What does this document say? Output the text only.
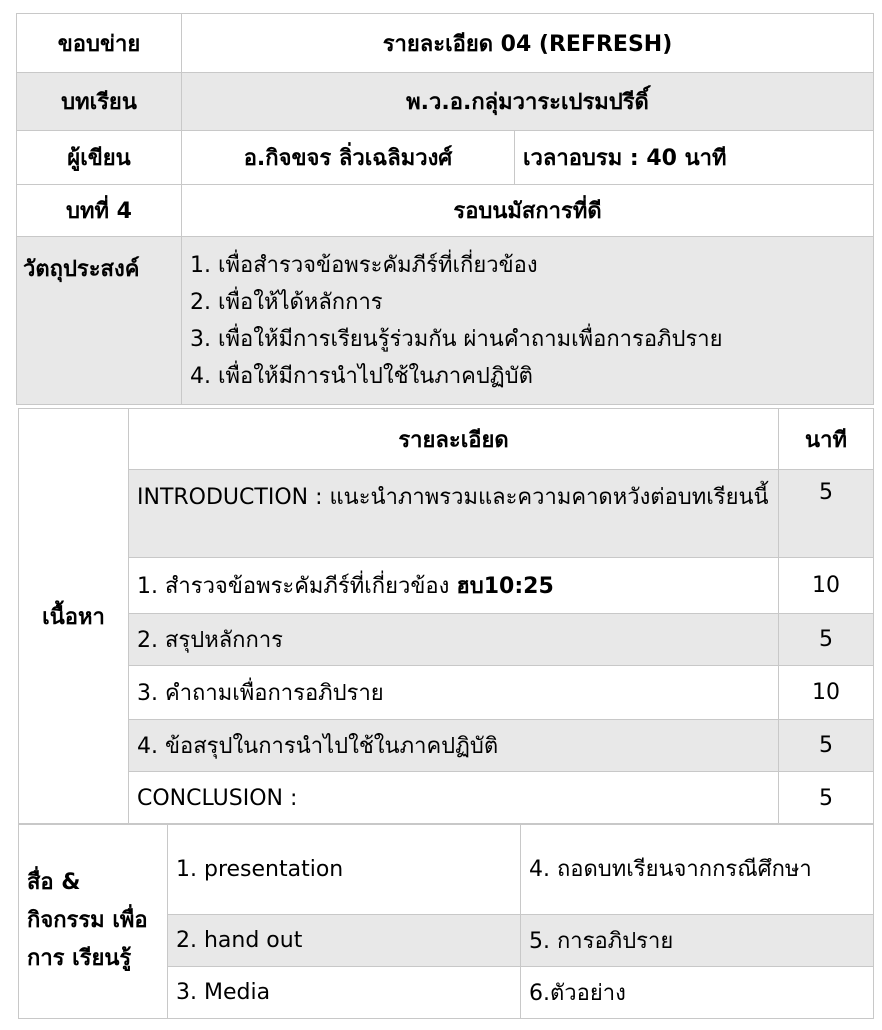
ขอบข่าย	รายละเอียด 04 (REFRESH)	
บทเรียน	พ.ว.อ.กลุ่มวาระเปรมปรีดิ์	
ผู้เขียน	อ.กิจขจร ลิ่วเฉลิมวงศ์	เวลาอบรม : 40 นาที
บทที่ 4	รอบนมัสการที่ดี	
วัตถุประสงค์	1. เพื่อสำรวจข้อพระคัมภีร์ที่เกี่ยวข้อง
2. เพื่อให้ได้หลักการ
3. เพื่อให้มีการเรียนรู้ร่วมกัน ผ่านคำถามเพื่อการอภิปราย
4. เพื่อให้มีการนำไปใช้ในภาคปฏิบัติ	
เนื้อหา	รายละเอียด	นาที
	INTRODUCTION : แนะนำภาพรวมและความคาดหวังต่อบทเรียนนี้	5
	1. สำรวจข้อพระคัมภีร์ที่เกี่ยวข้อง ฮบ10:25	10
	2. สรุปหลักการ	5
	3. คำถามเพื่อการอภิปราย	10
	4. ข้อสรุปในการนำไปใช้ในภาคปฏิบัติ	5
	CONCLUSION :	5
สื่อ & กิจกรรม เพื่อการ เรียนรู้	1. presentation	4. ถอดบทเรียนจากกรณีศึกษา
	2. hand out	5. การอภิปราย
	3. Media	6.ตัวอย่าง
